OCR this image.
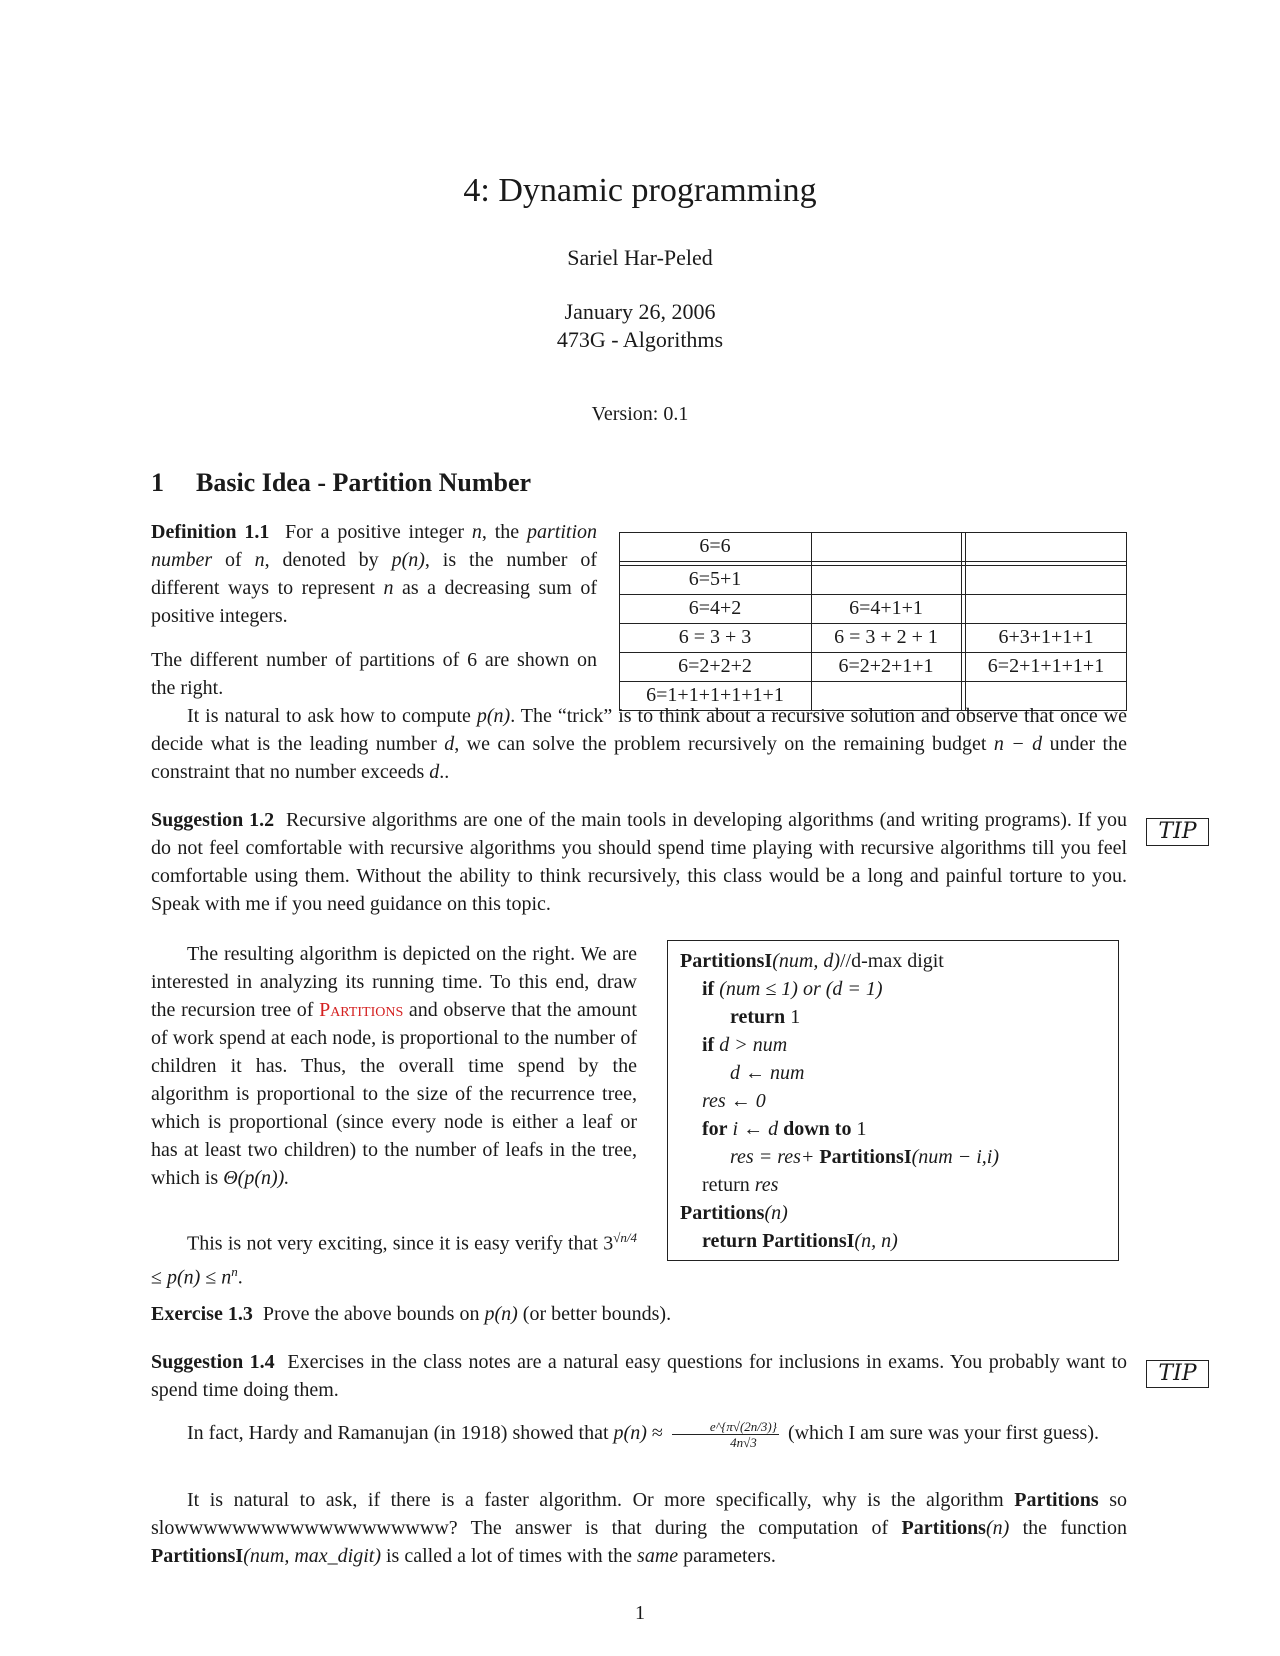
4: Dynamic programming
Sariel Har-Peled
January 26, 2006
473G - Algorithms
Version: 0.1
1 Basic Idea - Partition Number
Definition 1.1 For a positive integer n, the partition number of n, denoted by p(n), is the number of different ways to represent n as a decreasing sum of positive integers.
The different number of partitions of 6 are shown on the right.
6=6
6=5+1
6=4+2	6=4+1+1
6 = 3 + 3	6 = 3 + 2 + 1	6+3+1+1+1
6=2+2+2	6=2+2+1+1	6=2+1+1+1+1
6=1+1+1+1+1+1
It is natural to ask how to compute p(n). The “trick” is to think about a recursive solution and observe that once we decide what is the leading number d, we can solve the problem recursively on the remaining budget n − d under the constraint that no number exceeds d..
Suggestion 1.2 Recursive algorithms are one of the main tools in developing algorithms (and writing programs). If you do not feel comfortable with recursive algorithms you should spend time playing with recursive algorithms till you feel comfortable using them. Without the ability to think recursively, this class would be a long and painful torture to you. Speak with me if you need guidance on this topic.
TIP
The resulting algorithm is depicted on the right. We are interested in analyzing its running time. To this end, draw the recursion tree of Partitions and observe that the amount of work spend at each node, is proportional to the number of children it has. Thus, the overall time spend by the algorithm is proportional to the size of the recurrence tree, which is proportional (since every node is either a leaf or has at least two children) to the number of leafs in the tree, which is Θ(p(n)).
This is not very exciting, since it is easy verify that $3^{√n/4} \le p(n) \le n^n$.
PartitionsI(num, d)//d-max digit
if (num ≤ 1) or (d = 1)
return 1
if d > num
d ← num
res ← 0
for i ← d down to 1
res = res+ PartitionsI(num − i,i)
return res
Partitions(n)
return PartitionsI(n, n)
Exercise 1.3 Prove the above bounds on p(n) (or better bounds).
Suggestion 1.4 Exercises in the class notes are a natural easy questions for inclusions in exams. You probably want to spend time doing them.
TIP
In fact, Hardy and Ramanujan (in 1918) showed that $p(n) \approx \frac{e\^{}\{\pi√(2n/3)\}}{4n√3}$ (which I am sure was your first guess).
It is natural to ask, if there is a faster algorithm. Or more specifically, why is the algorithm Partitions so slowwwwwwwwwwwwwwwwwww? The answer is that during the computation of Partitions(n) the function PartitionsI(num, max_digit) is called a lot of times with the same parameters.
1
